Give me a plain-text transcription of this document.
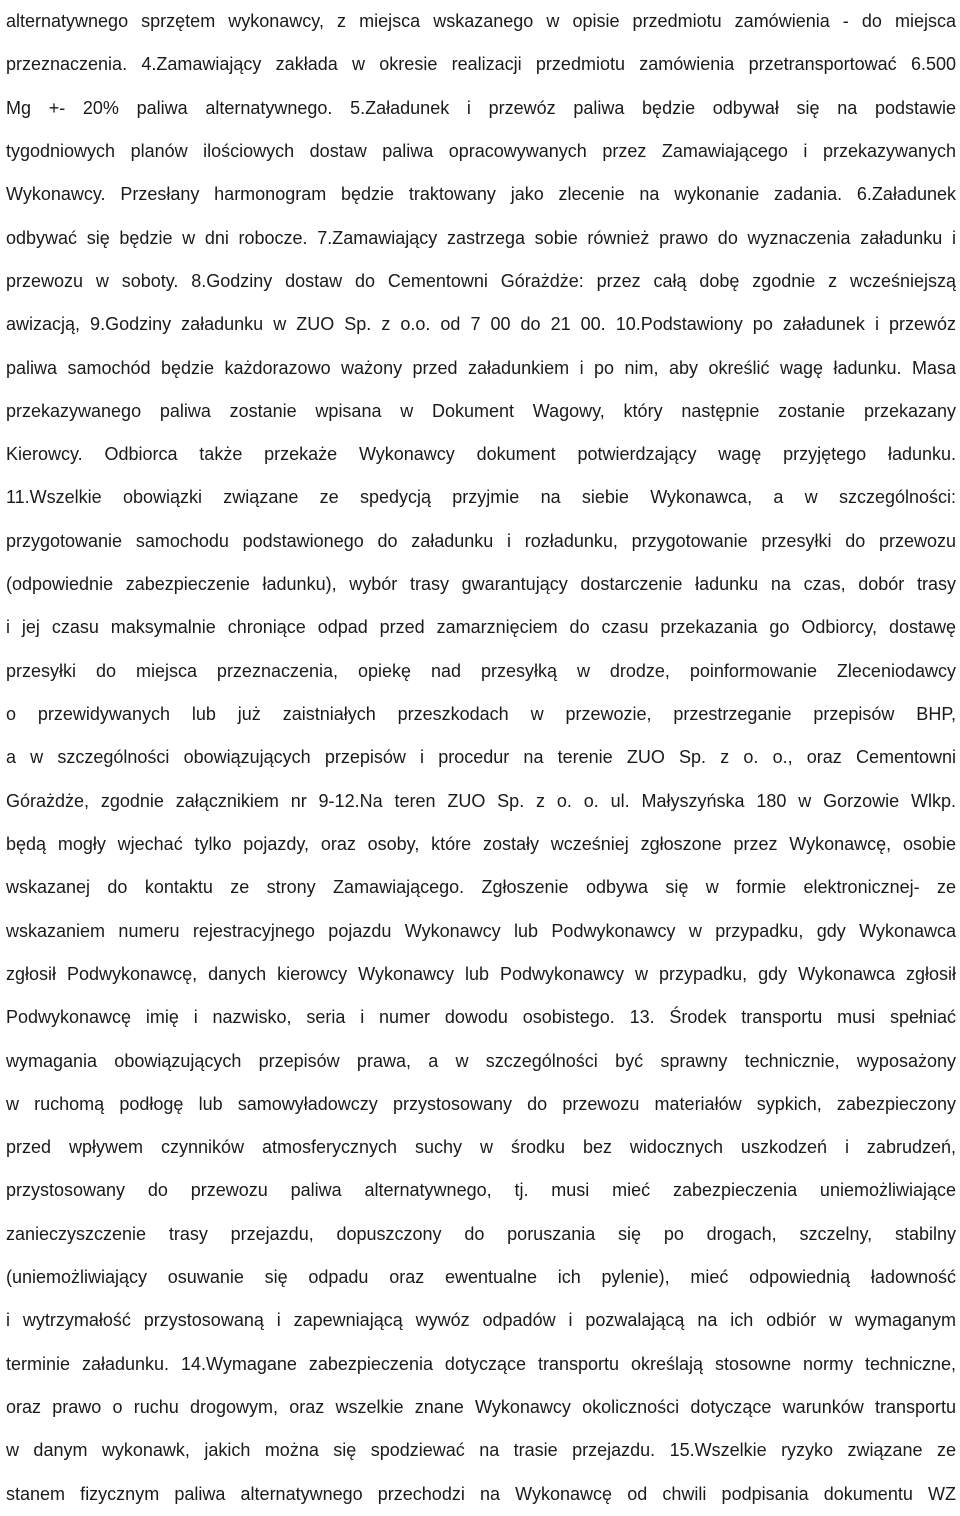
alternatywnego sprzętem wykonawcy, z miejsca wskazanego w opisie przedmiotu zamówienia - do miejsca
przeznaczenia. 4.Zamawiający zakłada w okresie realizacji przedmiotu zamówienia przetransportować 6.500
Mg +- 20% paliwa alternatywnego. 5.Załadunek i przewóz paliwa będzie odbywał się na podstawie
tygodniowych planów ilościowych dostaw paliwa opracowywanych przez Zamawiającego i przekazywanych
Wykonawcy. Przesłany harmonogram będzie traktowany jako zlecenie na wykonanie zadania. 6.Załadunek
odbywać się będzie w dni robocze. 7.Zamawiający zastrzega sobie również prawo do wyznaczenia załadunku i
przewozu w soboty. 8.Godziny dostaw do Cementowni Górażdże: przez całą dobę zgodnie z wcześniejszą
awizacją, 9.Godziny załadunku w ZUO Sp. z o.o. od 7 00 do 21 00. 10.Podstawiony po załadunek i przewóz
paliwa samochód będzie każdorazowo ważony przed załadunkiem i po nim, aby określić wagę ładunku. Masa
przekazywanego paliwa zostanie wpisana w Dokument Wagowy, który następnie zostanie przekazany
Kierowcy. Odbiorca także przekaże Wykonawcy dokument potwierdzający wagę przyjętego ładunku.
11.Wszelkie obowiązki związane ze spedycją przyjmie na siebie Wykonawca, a w szczególności:
przygotowanie samochodu podstawionego do załadunku i rozładunku, przygotowanie przesyłki do przewozu
(odpowiednie zabezpieczenie ładunku), wybór trasy gwarantujący dostarczenie ładunku na czas, dobór trasy
i jej czasu maksymalnie chroniące odpad przed zamarznięciem do czasu przekazania go Odbiorcy, dostawę
przesyłki do miejsca przeznaczenia, opiekę nad przesyłką w drodze, poinformowanie Zleceniodawcy
o przewidywanych lub już zaistniałych przeszkodach w przewozie, przestrzeganie przepisów BHP,
a w szczególności obowiązujących przepisów i procedur na terenie ZUO Sp. z o. o., oraz Cementowni
Górażdże, zgodnie załącznikiem nr 9-12.Na teren ZUO Sp. z o. o. ul. Małyszyńska 180 w Gorzowie Wlkp.
będą mogły wjechać tylko pojazdy, oraz osoby, które zostały wcześniej zgłoszone przez Wykonawcę, osobie
wskazanej do kontaktu ze strony Zamawiającego. Zgłoszenie odbywa się w formie elektronicznej- ze
wskazaniem numeru rejestracyjnego pojazdu Wykonawcy lub Podwykonawcy w przypadku, gdy Wykonawca
zgłosił Podwykonawcę, danych kierowcy Wykonawcy lub Podwykonawcy w przypadku, gdy Wykonawca zgłosił
Podwykonawcę imię i nazwisko, seria i numer dowodu osobistego. 13. Środek transportu musi spełniać
wymagania obowiązujących przepisów prawa, a w szczególności być sprawny technicznie, wyposażony
w ruchomą podłogę lub samowyładowczy przystosowany do przewozu materiałów sypkich, zabezpieczony
przed wpływem czynników atmosferycznych suchy w środku bez widocznych uszkodzeń i zabrudzeń,
przystosowany do przewozu paliwa alternatywnego, tj. musi mieć zabezpieczenia uniemożliwiające
zanieczyszczenie trasy przejazdu, dopuszczony do poruszania się po drogach, szczelny, stabilny
(uniemożliwiający osuwanie się odpadu oraz ewentualne ich pylenie), mieć odpowiednią ładowność
i wytrzymałość przystosowaną i zapewniającą wywóz odpadów i pozwalającą na ich odbiór w wymaganym
terminie załadunku. 14.Wymagane zabezpieczenia dotyczące transportu określają stosowne normy techniczne,
oraz prawo o ruchu drogowym, oraz wszelkie znane Wykonawcy okoliczności dotyczące warunków transportu
w danym wykonawk, jakich można się spodziewać na trasie przejazdu. 15.Wszelkie ryzyko związane ze
stanem fizycznym paliwa alternatywnego przechodzi na Wykonawcę od chwili podpisania dokumentu WZ
